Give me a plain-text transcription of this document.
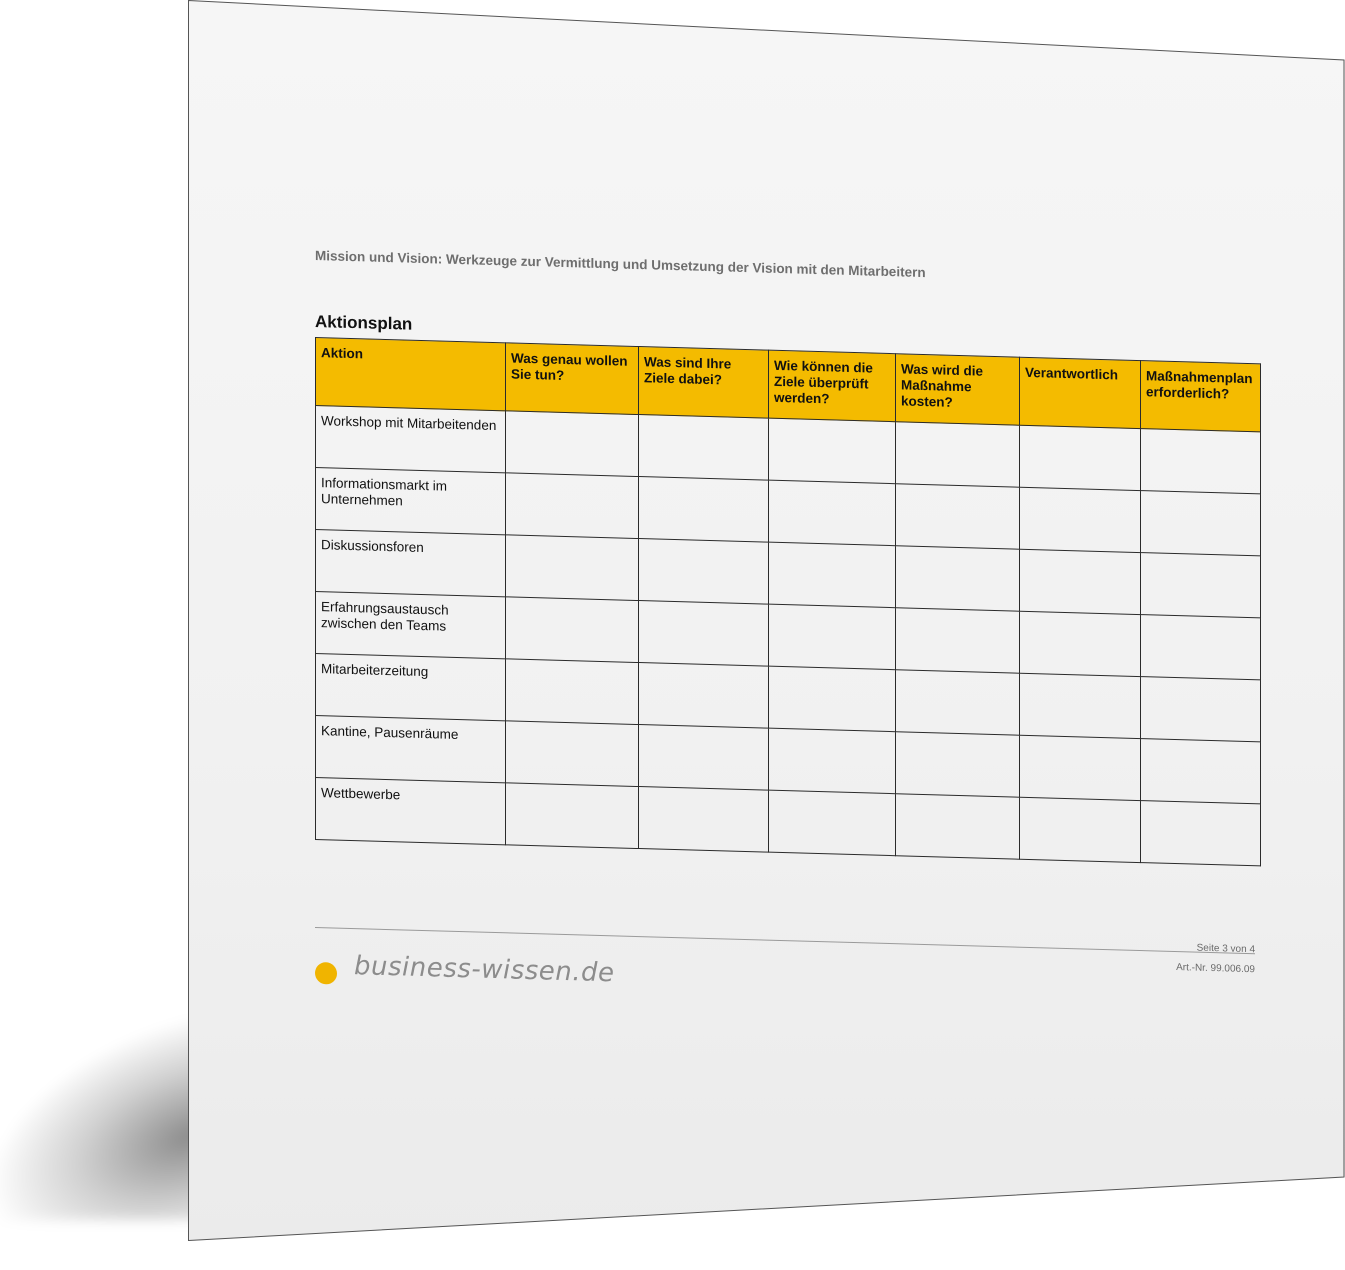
Mission und Vision: Werkzeuge zur Vermittlung und Umsetzung der Vision mit den Mitarbeitern
Aktionsplan
Aktion	Was genau wollen Sie tun?	Was sind Ihre Ziele dabei?	Wie können die Ziele überprüft werden?	Was wird die Maßnahme kosten?	Verantwortlich	Maßnahmenplan erforderlich?
Workshop mit Mitarbeitenden						
Informationsmarkt im Unternehmen						
Diskussionsforen						
Erfahrungsaustausch zwischen den Teams						
Mitarbeiterzeitung						
Kantine, Pausenräume						
Wettbewerbe						
Seite 3 von 4
Art.-Nr. 99.006.09
business-wissen.de
